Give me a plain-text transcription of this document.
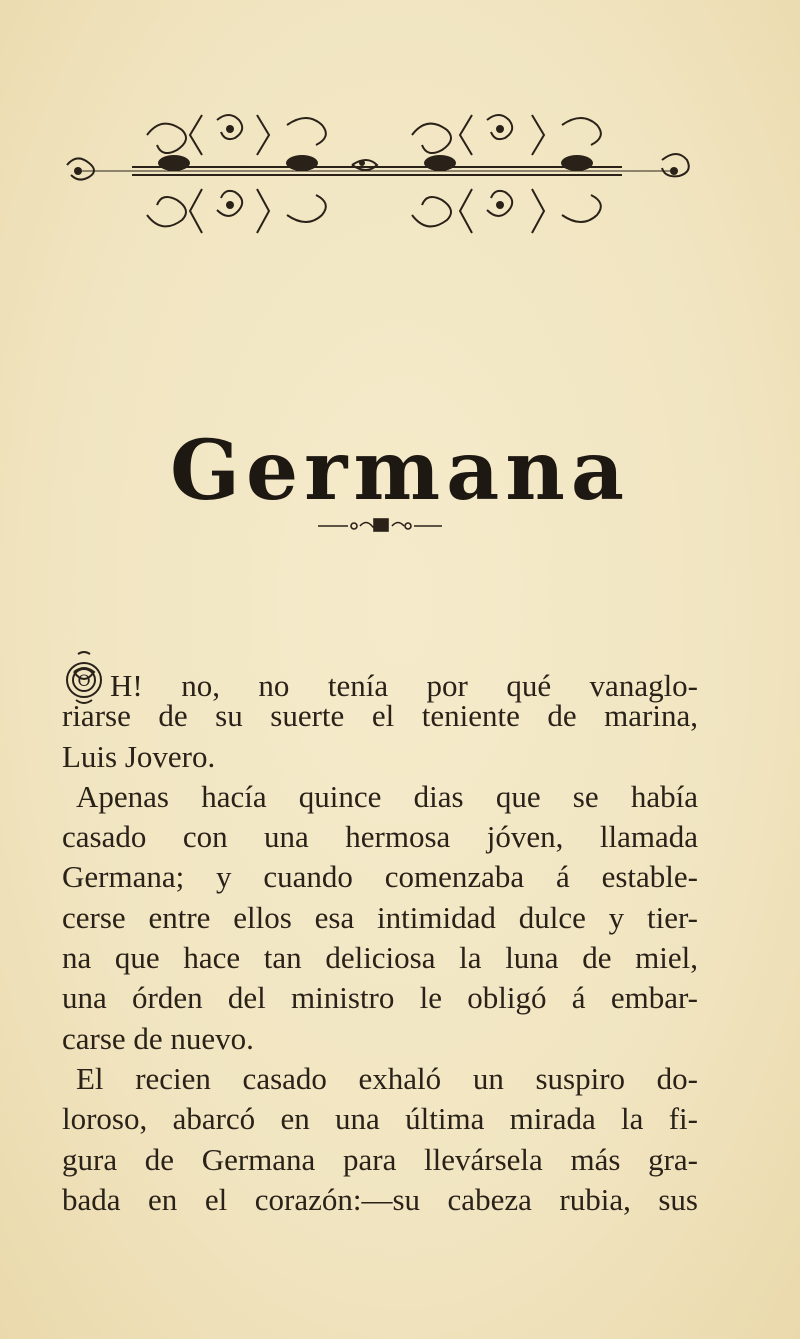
Germana
O H! no, no tenía por qué vanaglo-
riarse de su suerte el teniente de marina,
Luis Jovero.
Apenas hacía quince dias que se había
casado con una hermosa jóven, llamada
Germana; y cuando comenzaba á estable-
cerse entre ellos esa intimidad dulce y tier-
na que hace tan deliciosa la luna de miel,
una órden del ministro le obligó á embar-
carse de nuevo.
El recien casado exhaló un suspiro do-
loroso, abarcó en una última mirada la fi-
gura de Germana para llevársela más gra-
bada en el corazón:—su cabeza rubia, sus
